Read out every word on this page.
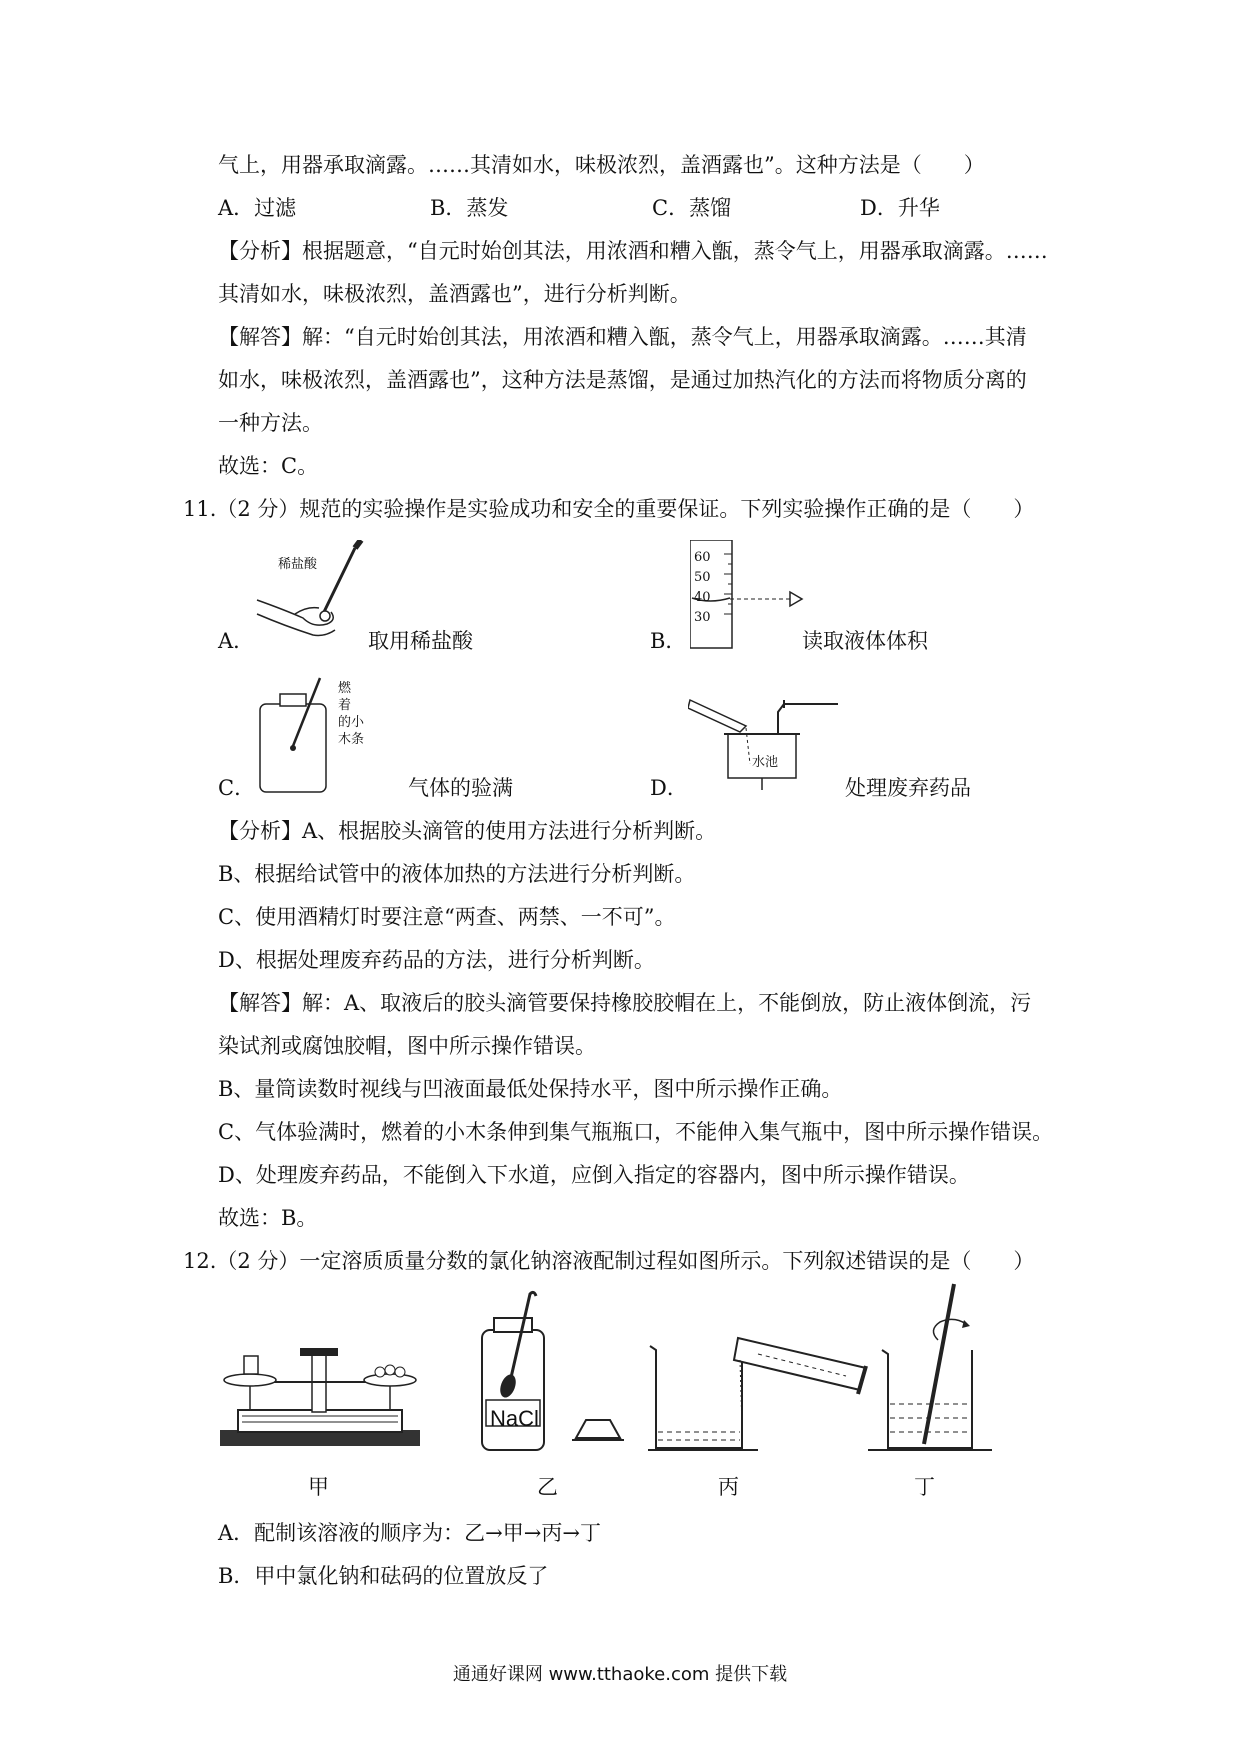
气上，用器承取滴露。……其清如水，味极浓烈，盖酒露也”。这种方法是（　　）
A．过滤	B．蒸发	C．蒸馏	D．升华
【分析】根据题意，“自元时始创其法，用浓酒和糟入甑，蒸令气上，用器承取滴露。……
其清如水，味极浓烈，盖酒露也”，进行分析判断。
【解答】解：“自元时始创其法，用浓酒和糟入甑，蒸令气上，用器承取滴露。……其清
如水，味极浓烈，盖酒露也”，这种方法是蒸馏，是通过加热汽化的方法而将物质分离的
一种方法。
故选：C。
11.（2 分）规范的实验操作是实验成功和安全的重要保证。下列实验操作正确的是（　　）
稀盐酸
A．	取用稀盐酸
60
50
40
30
B．	读取液体体积
燃
着
的小
木条
C．	气体的验满
水池
D．	处理废弃药品
【分析】A、根据胶头滴管的使用方法进行分析判断。
B、根据给试管中的液体加热的方法进行分析判断。
C、使用酒精灯时要注意“两查、两禁、一不可”。
D、根据处理废弃药品的方法，进行分析判断。
【解答】解：A、取液后的胶头滴管要保持橡胶胶帽在上，不能倒放，防止液体倒流，污
染试剂或腐蚀胶帽，图中所示操作错误。
B、量筒读数时视线与凹液面最低处保持水平，图中所示操作正确。
C、气体验满时，燃着的小木条伸到集气瓶瓶口，不能伸入集气瓶中，图中所示操作错误。
D、处理废弃药品，不能倒入下水道，应倒入指定的容器内，图中所示操作错误。
故选：B。
12.（2 分）一定溶质质量分数的氯化钠溶液配制过程如图所示。下列叙述错误的是（　　）
甲
NaCl
乙	丙	丁
A．配制该溶液的顺序为：乙→甲→丙→丁
B．甲中氯化钠和砝码的位置放反了
通通好课网 www.tthaoke.com 提供下载
